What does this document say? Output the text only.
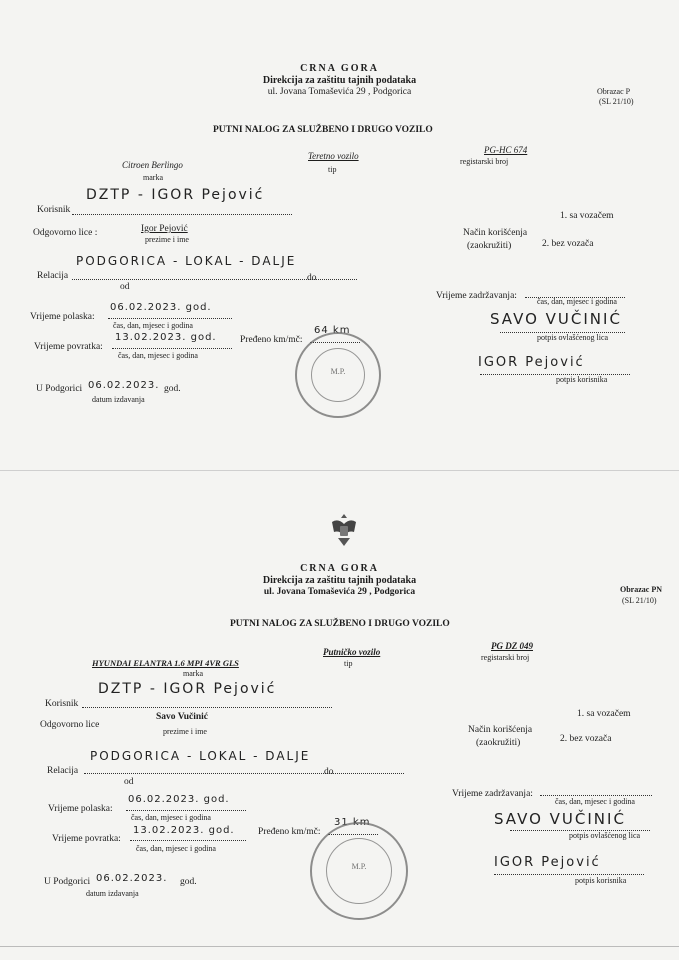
CRNA GORA
Direkcija za zaštitu tajnih podataka
ul. Jovana Tomaševića 29 , Podgorica	Obrazac P
(SL 21/10)
PUTNI NALOG ZA SLUŽBENO I DRUGO VOZILO
Citroen Berlingo
marka
Teretno vozilo
tip
PG-HC 674
registarski broj
Korisnik
DZTP - IGOR Pejović
Odgovorno lice :	Igor Pejović
prezime i ime
Način korišćenja
(zaokružiti)
1. sa vozačem
2. bez vozača
Relacija
PODGORICA - LOKAL - DALJE
od
do
Vrijeme polaska:
06.02.2023. god.
čas, dan, mjesec i godina
Vrijeme povratka:
13.02.2023. god.
čas, dan, mjesec i godina
Pređeno km/mč:
64 km
Vrijeme zadržavanja:
čas, dan, mjesec i godina
SAVO VUČINIĆ
potpis ovlašćenog lica
IGOR Pejović
potpis korisnika
U Podgorici 06.02.2023. god.
datum izdavanja
M.P.
CRNA GORA
Direkcija za zaštitu tajnih podataka
ul. Jovana Tomaševića 29 , Podgorica	Obrazac PN
(SL 21/10)
PUTNI NALOG ZA SLUŽBENO I DRUGO VOZILO
HYUNDAI ELANTRA 1.6 MPI 4VR GLS
marka
Putničko vozilo
tip
PG DZ 049
registarski broj
Korisnik
DZTP - IGOR Pejović
Odgovorno lice
Savo Vučinić
prezime i ime	Način korišćenja
(zaokružiti)
1. sa vozačem
2. bez vozača
Relacija
PODGORICA - LOKAL - DALJE
od
do
Vrijeme polaska:
06.02.2023. god.
čas, dan, mjesec i godina
Vrijeme povratka:
13.02.2023. god.
čas, dan, mjesec i godina
Pređeno km/mč:
31 km
Vrijeme zadržavanja:
čas, dan, mjesec i godina
SAVO VUČINIĆ
potpis ovlašćenog lica
IGOR Pejović
potpis korisnika
U Podgorici 06.02.2023. god.
datum izdavanja
M.P.
